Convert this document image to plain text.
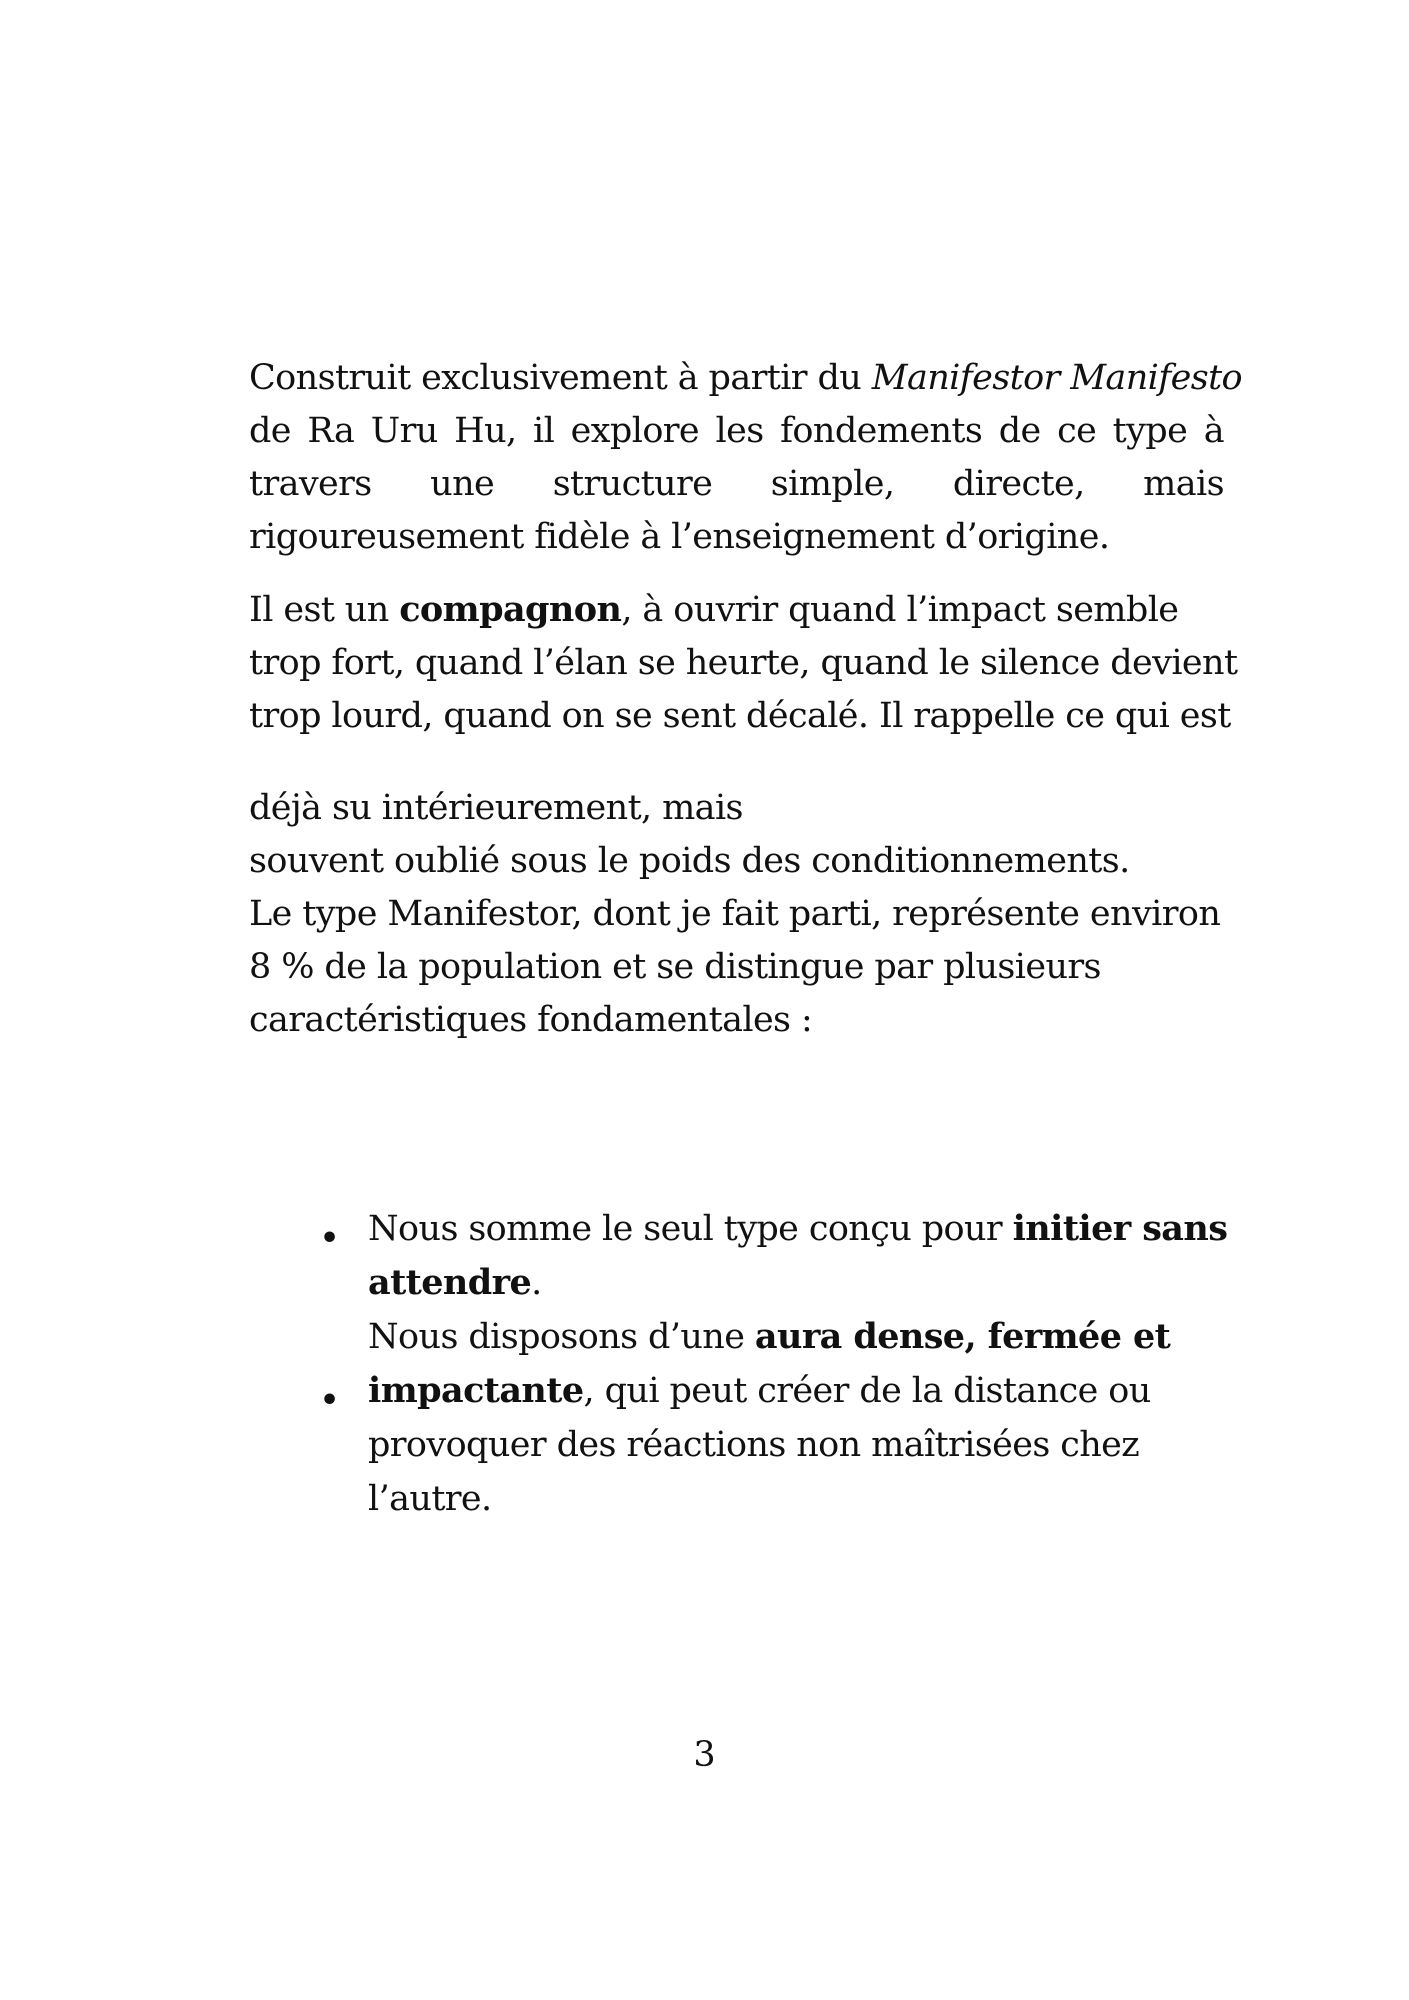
Construit exclusivement à partir du Manifestor Manifesto
de Ra Uru Hu, il explore les fondements de ce type à
travers une structure simple, directe, mais
rigoureusement fidèle à l’enseignement d’origine.

Il est un compagnon, à ouvrir quand l’impact semble
trop fort, quand l’élan se heurte, quand le silence devient
trop lourd, quand on se sent décalé. Il rappelle ce qui est

déjà su intérieurement, mais
souvent oublié sous le poids des conditionnements.
Le type Manifestor, dont je fait parti, représente environ
8 % de la population et se distingue par plusieurs
caractéristiques fondamentales :

• Nous somme le seul type conçu pour initier sans
attendre.
•
Nous disposons d’une aura dense, fermée et
impactante, qui peut créer de la distance ou
provoquer des réactions non maîtrisées chez
l’autre.
3
